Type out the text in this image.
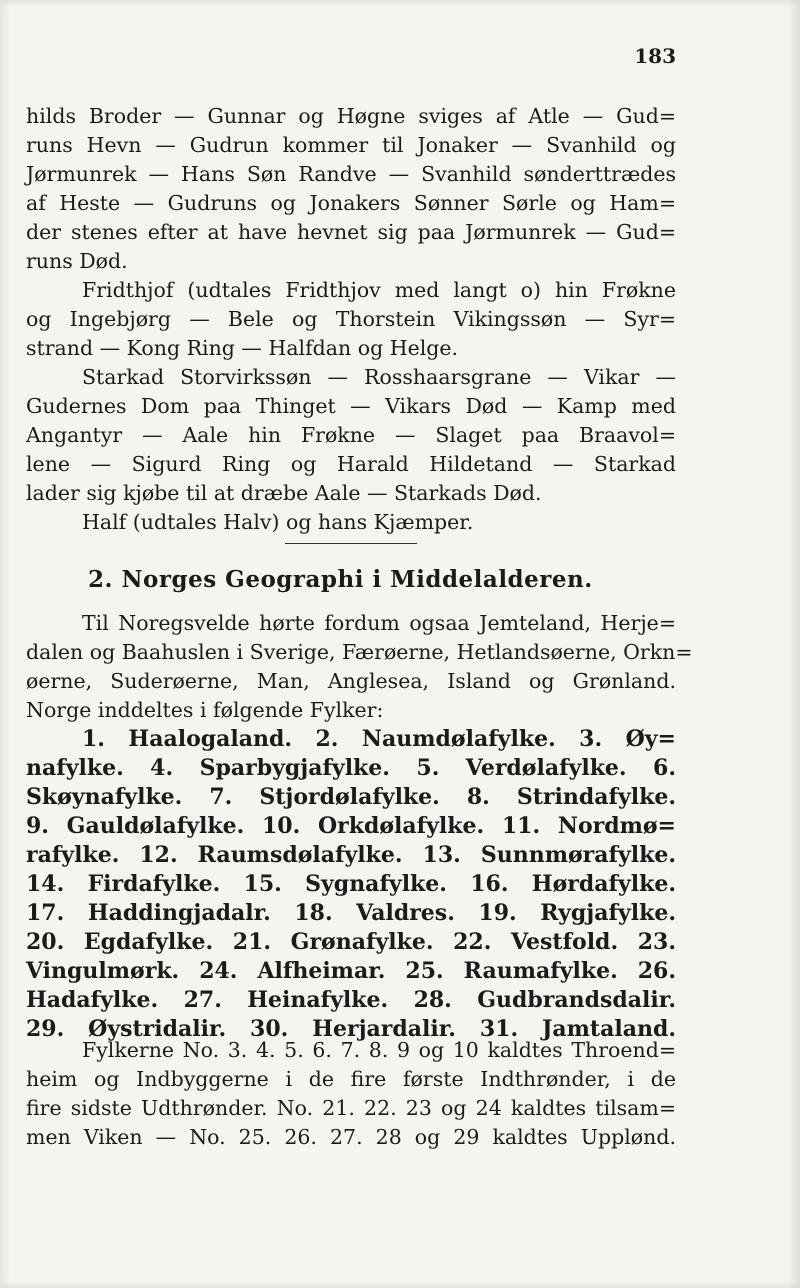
183
hilds Broder — Gunnar og Høgne sviges af Atle — Gud=
runs Hevn — Gudrun kommer til Jonaker — Svanhild og
Jørmunrek — Hans Søn Randve — Svanhild sønderttrædes
af Heste — Gudruns og Jonakers Sønner Sørle og Ham=
der stenes efter at have hevnet sig paa Jørmunrek — Gud=
runs Død.
Fridthjof (udtales Fridthjov med langt o) hin Frøkne
og Ingebjørg — Bele og Thorstein Vikingssøn — Syr=
strand — Kong Ring — Halfdan og Helge.
Starkad Storvirkssøn — Rosshaarsgrane — Vikar —
Gudernes Dom paa Thinget — Vikars Død — Kamp med
Angantyr — Aale hin Frøkne — Slaget paa Braavol=
lene — Sigurd Ring og Harald Hildetand — Starkad
lader sig kjøbe til at dræbe Aale — Starkads Død.
Half (udtales Halv) og hans Kjæmper.
2. Norges Geographi i Middelalderen.
Til Noregsvelde hørte fordum ogsaa Jemteland, Herje=
dalen og Baahuslen i Sverige, Færøerne, Hetlandsøerne, Orkn=
øerne, Suderøerne, Man, Anglesea, Island og Grønland.
Norge inddeltes i følgende Fylker:
1. Haalogaland. 2. Naumdølafylke. 3. Øy=
nafylke. 4. Sparbygjafylke. 5. Verdølafylke. 6.
Skøynafylke. 7. Stjordølafylke. 8. Strindafylke.
9. Gauldølafylke. 10. Orkdølafylke. 11. Nordmø=
rafylke. 12. Raumsdølafylke. 13. Sunnmørafylke.
14. Firdafylke. 15. Sygnafylke. 16. Hørdafylke.
17. Haddingjadalr. 18. Valdres. 19. Rygjafylke.
20. Egdafylke. 21. Grønafylke. 22. Vestfold. 23.
Vingulmørk. 24. Alfheimar. 25. Raumafylke. 26.
Hadafylke. 27. Heinafylke. 28. Gudbrandsdalir.
29. Øystridalir. 30. Herjardalir. 31. Jamtaland.
Fylkerne No. 3. 4. 5. 6. 7. 8. 9 og 10 kaldtes Throend=
heim og Indbyggerne i de fire første Indthrønder, i de
fire sidste Udthrønder. No. 21. 22. 23 og 24 kaldtes tilsam=
men Viken — No. 25. 26. 27. 28 og 29 kaldtes Upplønd.
